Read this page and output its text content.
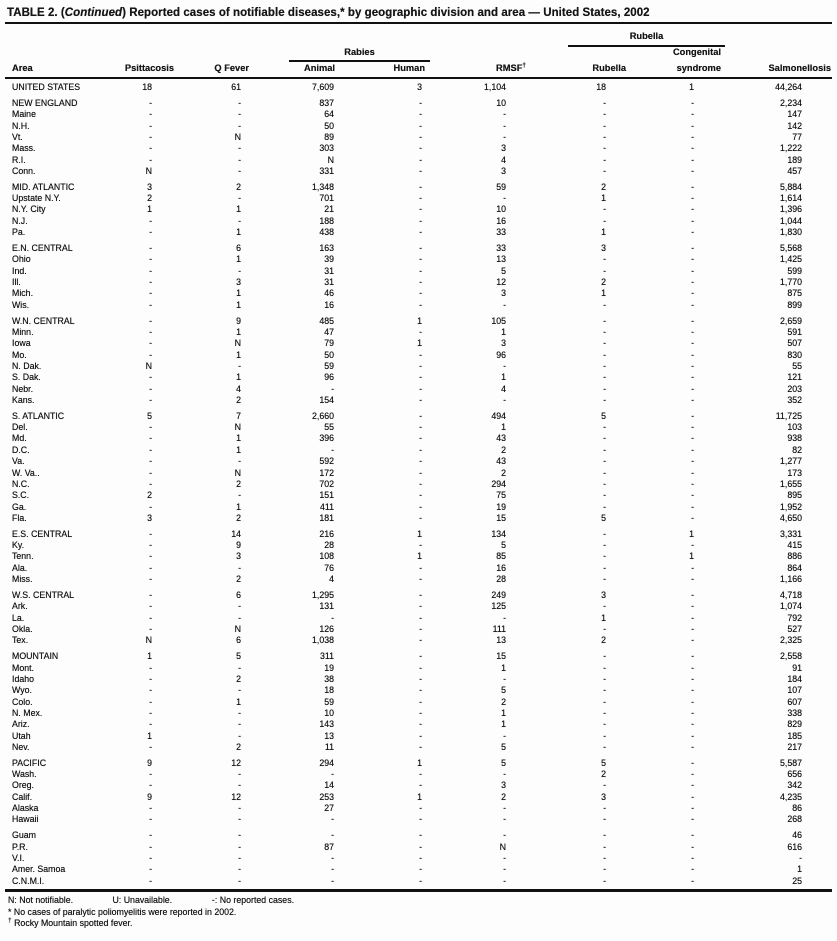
TABLE 2. (Continued) Reported cases of notifiable diseases,* by geographic division and area — United States, 2002
Rubella
Rabies	Congenital
Area	Psittacosis	Q Fever	Animal	Human	RMSF†	Rubella	syndrome	Salmonellosis
UNITED STATES	18	61	7,609	3	1,104	18	1	44,264
NEW ENGLAND	-	-	837	-	10	-	-	2,234
Maine	-	-	64	-	-	-	-	147
N.H.	-	-	50	-	-	-	-	142
Vt.	-	N	89	-	-	-	-	77
Mass.	-	-	303	-	3	-	-	1,222
R.I.	-	-	N	-	4	-	-	189
Conn.	N	-	331	-	3	-	-	457
MID. ATLANTIC	3	2	1,348	-	59	2	-	5,884
Upstate N.Y.	2	-	701	-	-	1	-	1,614
N.Y. City	1	1	21	-	10	-	-	1,396
N.J.	-	-	188	-	16	-	-	1,044
Pa.	-	1	438	-	33	1	-	1,830
E.N. CENTRAL	-	6	163	-	33	3	-	5,568
Ohio	-	1	39	-	13	-	-	1,425
Ind.	-	-	31	-	5	-	-	599
Ill.	-	3	31	-	12	2	-	1,770
Mich.	-	1	46	-	3	1	-	875
Wis.	-	1	16	-	-	-	-	899
W.N. CENTRAL	-	9	485	1	105	-	-	2,659
Minn.	-	1	47	-	1	-	-	591
Iowa	-	N	79	1	3	-	-	507
Mo.	-	1	50	-	96	-	-	830
N. Dak.	N	-	59	-	-	-	-	55
S. Dak.	-	1	96	-	1	-	-	121
Nebr.	-	4	-	-	4	-	-	203
Kans.	-	2	154	-	-	-	-	352
S. ATLANTIC	5	7	2,660	-	494	5	-	11,725
Del.	-	N	55	-	1	-	-	103
Md.	-	1	396	-	43	-	-	938
D.C.	-	1	-	-	2	-	-	82
Va.	-	-	592	-	43	-	-	1,277
W. Va..	-	N	172	-	2	-	-	173
N.C.	-	2	702	-	294	-	-	1,655
S.C.	2	-	151	-	75	-	-	895
Ga.	-	1	411	-	19	-	-	1,952
Fla.	3	2	181	-	15	5	-	4,650
E.S. CENTRAL	-	14	216	1	134	-	1	3,331
Ky.	-	9	28	-	5	-	-	415
Tenn.	-	3	108	1	85	-	1	886
Ala.	-	-	76	-	16	-	-	864
Miss.	-	2	4	-	28	-	-	1,166
W.S. CENTRAL	-	6	1,295	-	249	3	-	4,718
Ark.	-	-	131	-	125	-	-	1,074
La.	-	-	-	-	-	1	-	792
Okla.	-	N	126	-	111	-	-	527
Tex.	N	6	1,038	-	13	2	-	2,325
MOUNTAIN	1	5	311	-	15	-	-	2,558
Mont.	-	-	19	-	1	-	-	91
Idaho	-	2	38	-	-	-	-	184
Wyo.	-	-	18	-	5	-	-	107
Colo.	-	1	59	-	2	-	-	607
N. Mex.	-	-	10	-	1	-	-	338
Ariz.	-	-	143	-	1	-	-	829
Utah	1	-	13	-	-	-	-	185
Nev.	-	2	11	-	5	-	-	217
PACIFIC	9	12	294	1	5	5	-	5,587
Wash.	-	-	-	-	-	2	-	656
Oreg.	-	-	14	-	3	-	-	342
Calif.	9	12	253	1	2	3	-	4,235
Alaska	-	-	27	-	-	-	-	86
Hawaii	-	-	-	-	-	-	-	268
Guam	-	-	-	-	-	-	-	46
P.R.	-	-	87	-	N	-	-	616
V.I.	-	-	-	-	-	-	-	-
Amer. Samoa	-	-	-	-	-	-	-	1
C.N.M.I.	-	-	-	-	-	-	-	25
N: Not notifiable.	U: Unavailable.	-: No reported cases.
* No cases of paralytic poliomyelitis were reported in 2002.
† Rocky Mountain spotted fever.
